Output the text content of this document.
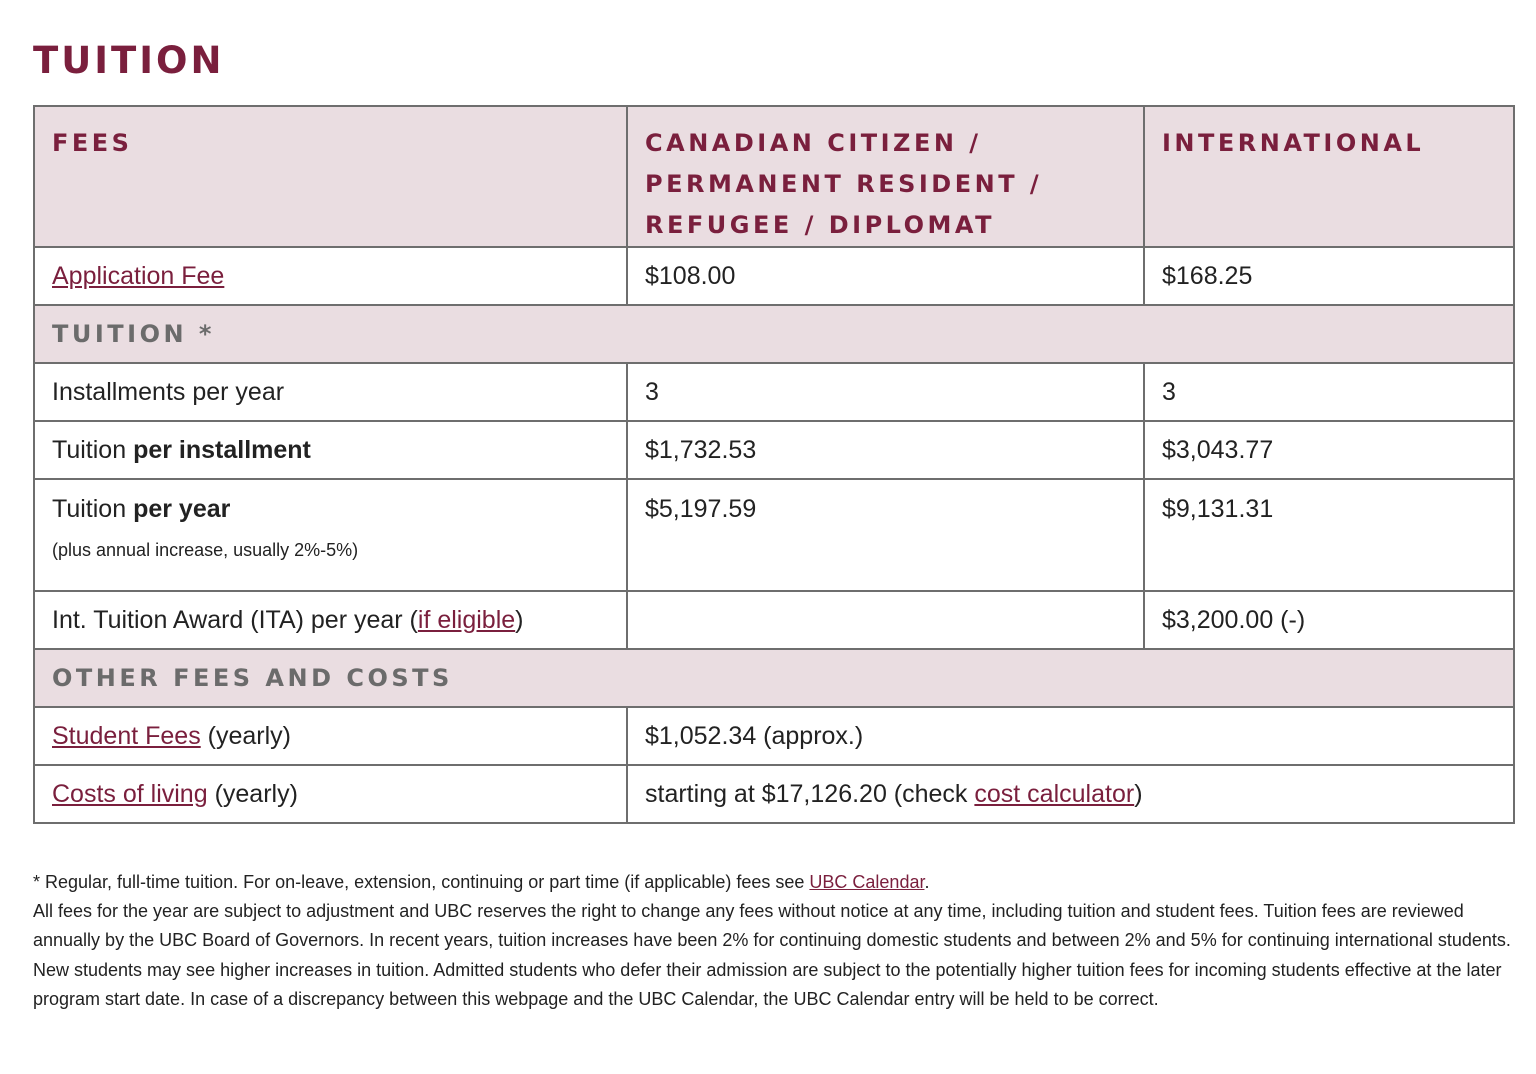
TUITION
FEES	CANADIAN CITIZEN / PERMANENT RESIDENT / REFUGEE / DIPLOMAT	INTERNATIONAL
Application Fee	$108.00	$168.25
TUITION *		
Installments per year	3	3
Tuition per installment	$1,732.53	$3,043.77
Tuition per year
(plus annual increase, usually 2%-5%)	$5,197.59	$9,131.31
Int. Tuition Award (ITA) per year (if eligible)		$3,200.00 (-)
OTHER FEES AND COSTS		
Student Fees (yearly)	$1,052.34 (approx.)	
Costs of living (yearly)	starting at $17,126.20 (check cost calculator)	

* Regular, full-time tuition. For on-leave, extension, continuing or part time (if applicable) fees see UBC Calendar.

All fees for the year are subject to adjustment and UBC reserves the right to change any fees without notice at any time, including tuition and student fees. Tuition fees are reviewed annually by the UBC Board of Governors. In recent years, tuition increases have been 2% for continuing domestic students and between 2% and 5% for continuing international students. New students may see higher increases in tuition. Admitted students who defer their admission are subject to the potentially higher tuition fees for incoming students effective at the later program start date. In case of a discrepancy between this webpage and the UBC Calendar, the UBC Calendar entry will be held to be correct.
